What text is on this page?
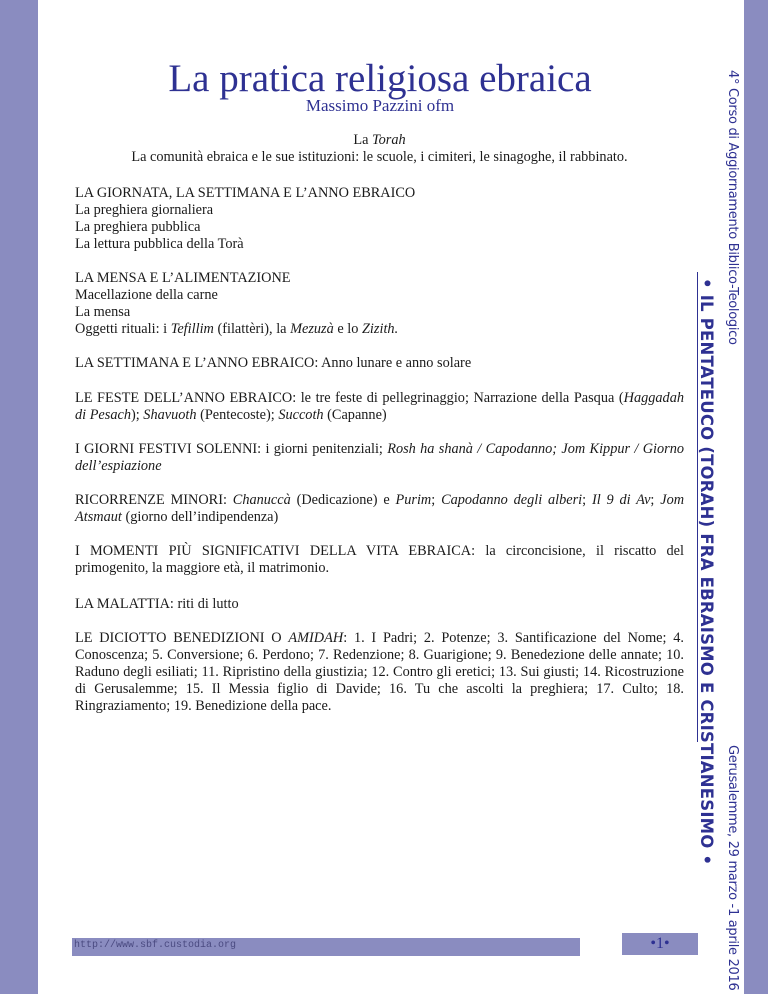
4° Corso di Aggiornamento Biblico-Teologico
• IL PENTATEUCO (TORAH) FRA EBRAISMO E CRISTIANESIMO •
Gerusalemme, 29 marzo -1 aprile 2016
La pratica religiosa ebraica
Massimo Pazzini ofm
La Torah
La comunità ebraica e le sue istituzioni: le scuole, i cimiteri, le sinagoghe, il rabbinato.
LA GIORNATA, LA SETTIMANA E L’ANNO EBRAICO
La preghiera giornaliera
La preghiera pubblica
La lettura pubblica della Torà
LA MENSA E L’ALIMENTAZIONE
Macellazione della carne
La mensa
Oggetti rituali: i Tefillim (filattèri), la Mezuzà e lo Zizith.
LA SETTIMANA E L’ANNO EBRAICO: Anno lunare e anno solare
LE FESTE DELL’ANNO EBRAICO: le tre feste di pellegrinaggio; Narrazione della Pasqua (Haggadah di Pesach); Shavuoth (Pentecoste); Succoth (Capanne)
I GIORNI FESTIVI SOLENNI: i giorni penitenziali; Rosh ha shanà / Capodanno; Jom Kippur / Giorno dell’espiazione
RICORRENZE MINORI: Chanuccà (Dedicazione) e Purim; Capodanno degli alberi; Il 9 di Av; Jom Atsmaut (giorno dell’indipendenza)
I MOMENTI PIÙ SIGNIFICATIVI DELLA VITA EBRAICA: la circoncisione, il riscatto del primogenito, la maggiore età, il matrimonio.
LA MALATTIA: riti di lutto
LE DICIOTTO BENEDIZIONI O AMIDAH: 1. I Padri; 2. Potenze; 3. Santificazione del Nome; 4. Conoscenza; 5. Conversione; 6. Perdono; 7. Redenzione; 8. Guarigione; 9. Benedezione delle annate; 10. Raduno degli esiliati; 11. Ripristino della giustizia; 12. Contro gli eretici; 13. Sui giusti; 14. Ricostruzione di Gerusalemme; 15. Il Messia figlio di Davide; 16. Tu che ascolti la preghiera; 17. Culto; 18. Ringraziamento; 19. Benedizione della pace.
http://www.sbf.custodia.org	•1•
